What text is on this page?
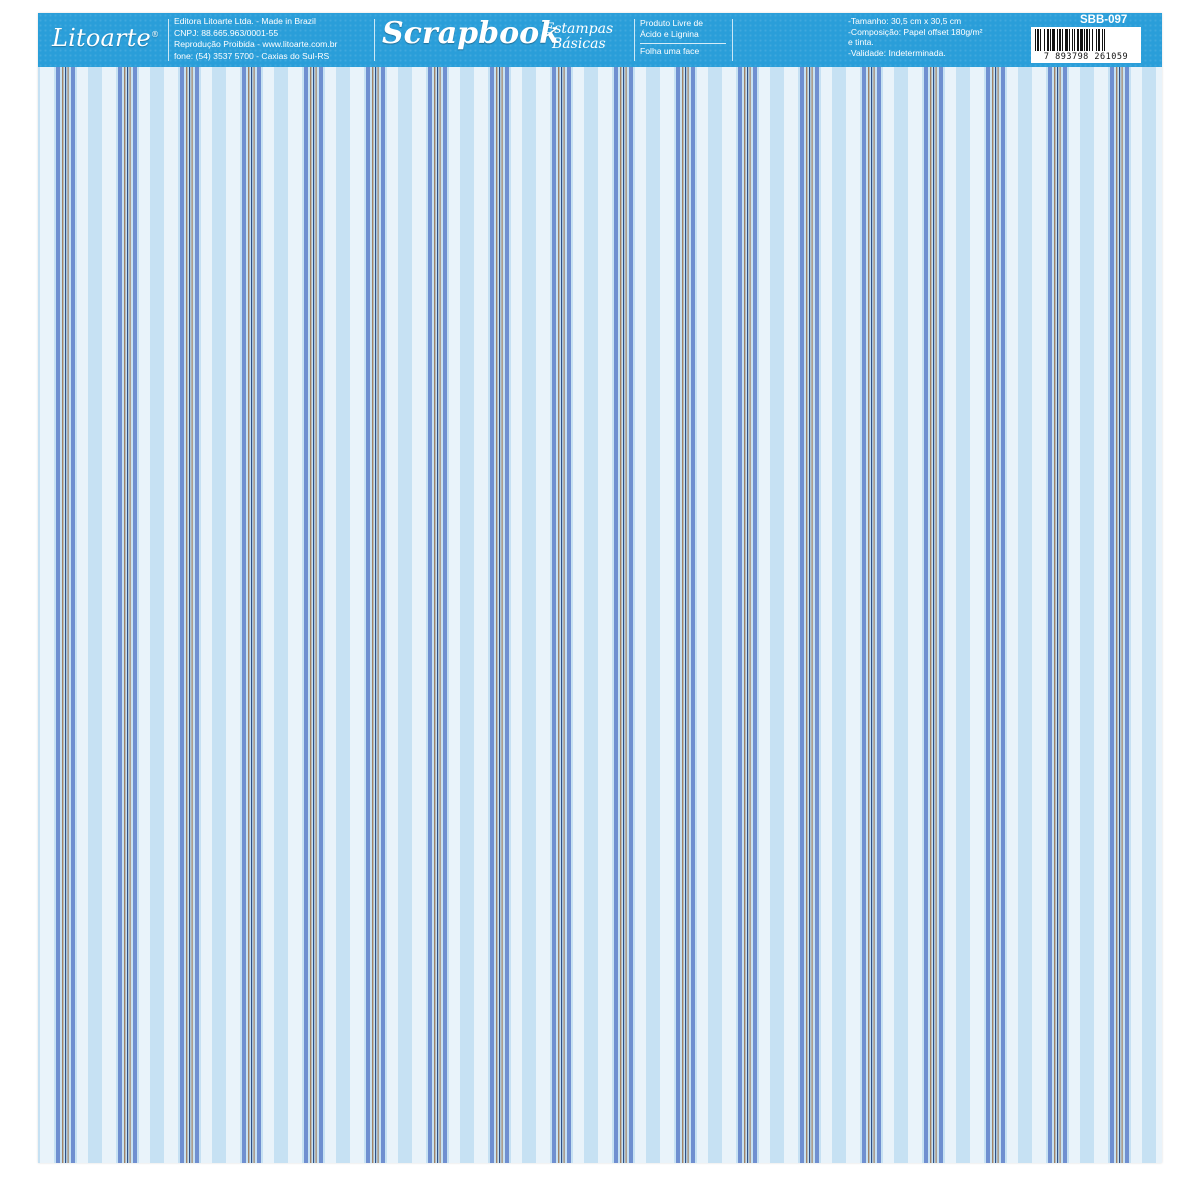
Litoarte®
Editora Litoarte Ltda. - Made in Brazil
CNPJ: 88.665.963/0001-55
Reprodução Proibida - www.litoarte.com.br
fone: (54) 3537 5700 - Caxias do Sul-RS
Scrapbook
Estampas
Básicas
Produto Livre de
Ácido e Lignina
Folha uma face
-Tamanho: 30,5 cm x 30,5 cm
-Composição: Papel offset 180g/m²
e tinta.
-Validade: Indeterminada.
SBB-097
7 893798 261059
